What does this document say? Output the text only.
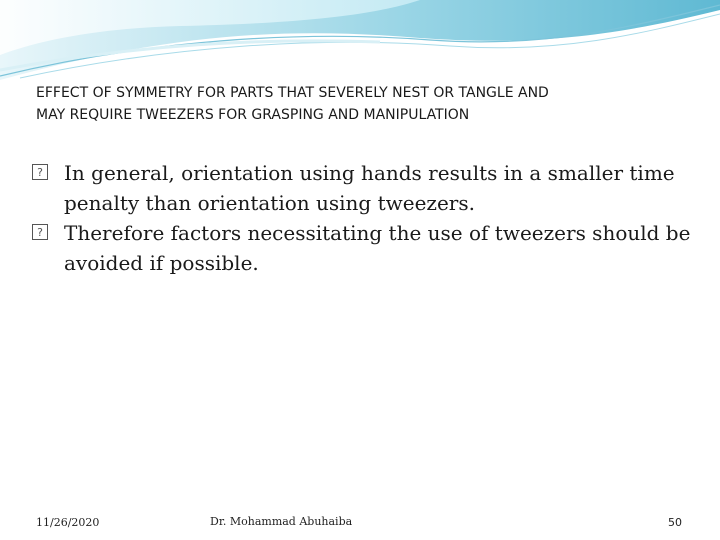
EFFECT OF SYMMETRY FOR PARTS THAT SEVERELY NEST OR TANGLE AND
MAY REQUIRE TWEEZERS FOR GRASPING AND MANIPULATION
? In general, orientation using hands results in a smaller time penalty than orientation using tweezers.
? Therefore factors necessitating the use of tweezers should be avoided if possible.
11/26/2020	Dr. Mohammad Abuhaiba	50
